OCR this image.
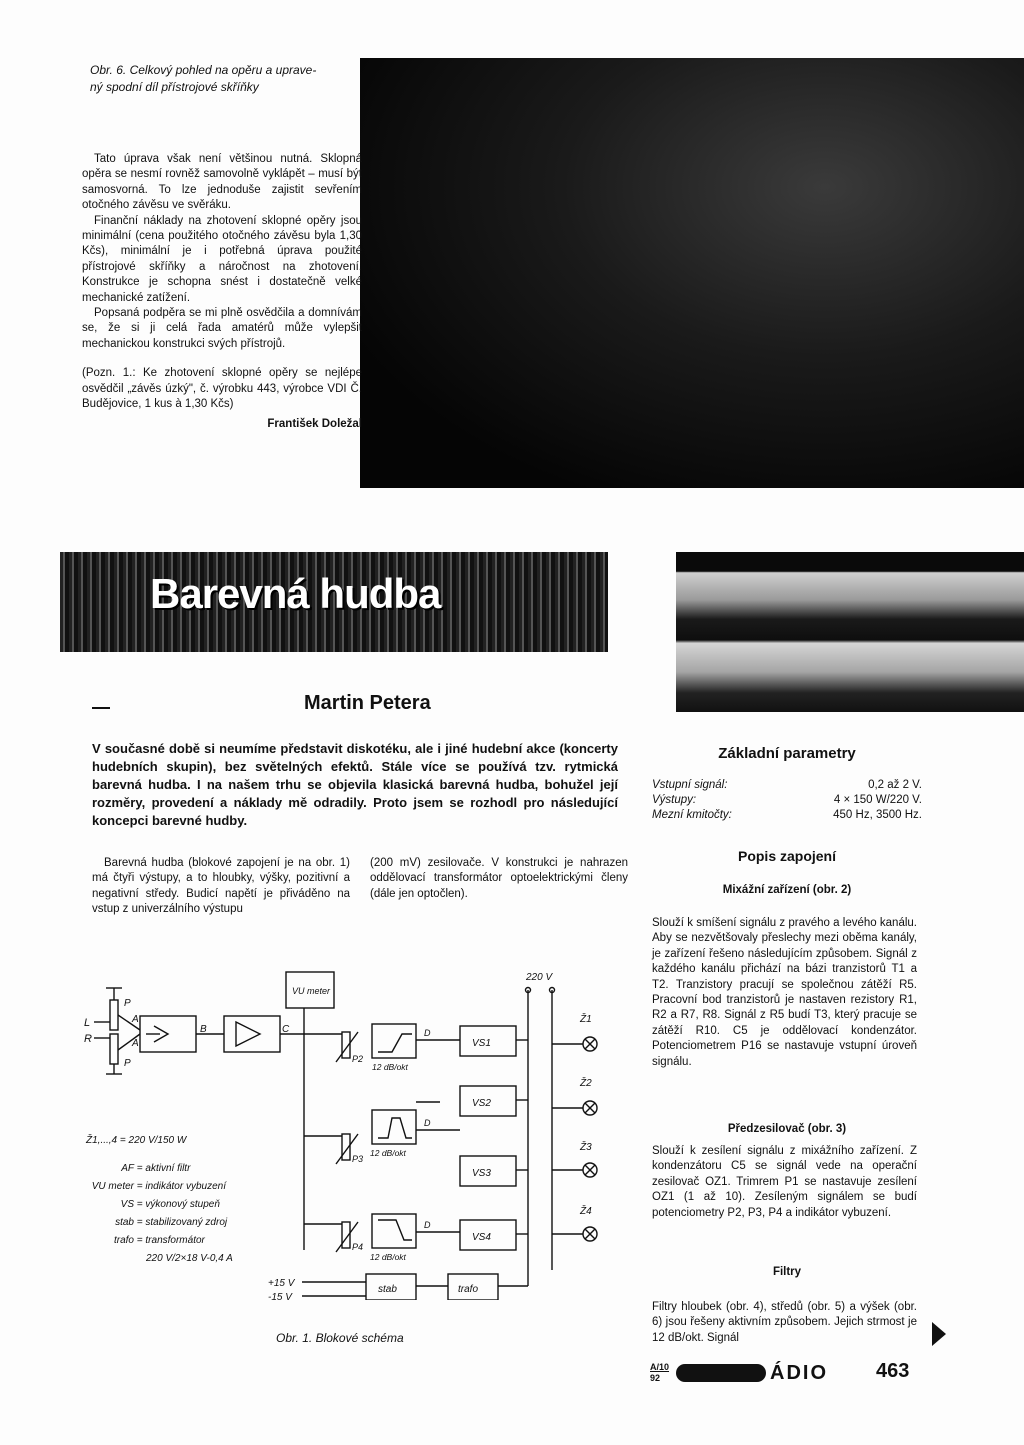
Obr. 6. Celkový pohled na opěru a uprave-
ný spodní díl přístrojové skříňky

Tato úprava však není většinou nutná. Sklopná opěra se nesmí rovněž samovolně vyklápět – musí být samosvorná. To lze jednoduše zajistit sevřením otočného závěsu ve svěráku.

Finanční náklady na zhotovení sklopné opěry jsou minimální (cena použitého otočného závěsu byla 1,30 Kčs), minimální je i potřebná úprava použité přístrojové skříňky a náročnost na zhotovení. Konstrukce je schopna snést i dostatečně velké mechanické zatížení.

Popsaná podpěra se mi plně osvědčila a domnívám se, že si ji celá řada amatérů může vylepšit mechanickou konstrukci svých přístrojů.

(Pozn. 1.: Ke zhotovení sklopné opěry se nejlépe osvědčil „závěs úzký", č. výrobku 443, výrobce VDI Č. Budějovice, 1 kus à 1,30 Kčs)

František Doležal
Barevná hudba
Martin Petera
V současné době si neumíme představit diskotéku, ale i jiné hudební akce (koncerty hudebních skupin), bez světelných efektů. Stále více se používá tzv. rytmická barevná hudba. I na našem trhu se objevila klasická barevná hudba, bohužel její rozměry, provedení a náklady mě odradily. Proto jsem se rozhodl pro následující koncepci barevné hudby.

Barevná hudba (blokové zapojení je na obr. 1) má čtyři výstupy, a to hloubky, výšky, pozitivní a negativní středy. Budicí napětí je přiváděno na vstup z univerzálního výstupu

(200 mV) zesilovače. V konstrukci je nahrazen oddělovací transformátor optoelektrickými členy (dále jen optočlen).

Základní parametry
Vstupní signál:	0,2 až 2 V.
Výstupy:	4 × 150 W/220 V.
Mezní kmitočty:	450 Hz, 3500 Hz.
Popis zapojení
Mixážní zařízení (obr. 2)
Slouží k smíšení signálu z pravého a levého kanálu. Aby se nezvětšovaly přeslechy mezi oběma kanály, je zařízení řešeno následujícím způsobem. Signál z každého kanálu přichází na bázi tranzistorů T1 a T2. Tranzistory pracují se společnou zátěží R5. Pracovní bod tranzistorů je nastaven rezistory R1, R2 a R7, R8. Signál z R5 budí T3, který pracuje se zátěží R10. C5 je oddělovací kondenzátor. Potenciometrem P16 se nastavuje vstupní úroveň signálu.
Předzesilovač (obr. 3)
Slouží k zesílení signálu z mixážního zařízení. Z kondenzátoru C5 se signál vede na operační zesilovač OZ1. Trimrem P1 se nastavuje zesílení OZ1 (1 až 10). Zesíleným signálem se budí potenciometry P2, P3, P4 a indikátor vybuzení.
Filtry
Filtry hloubek (obr. 4), středů (obr. 5) a výšek (obr. 6) jsou řešeny aktivním způsobem. Jejich strmost je 12 dB/okt. Signál
L
R
P
P
A
A
B	C
VU meter
P2
P3
P4
12 dB/okt
12 dB/okt
12 dB/okt
D
D
D
VS1
VS2
VS3
VS4
220 V
Ž1
Ž2
Ž3
Ž4
+15 V
-15 V
stab	trafo
Ž1,...,4 = 220 V/150 W
AF = aktivní filtr
VU meter = indikátor vybuzení
VS = výkonový stupeň
stab = stabilizovaný zdroj
trafo = transformátor
220 V/2×18 V-0,4 A
Obr. 1. Blokové schéma
A/10
92	ÁDIO 463
